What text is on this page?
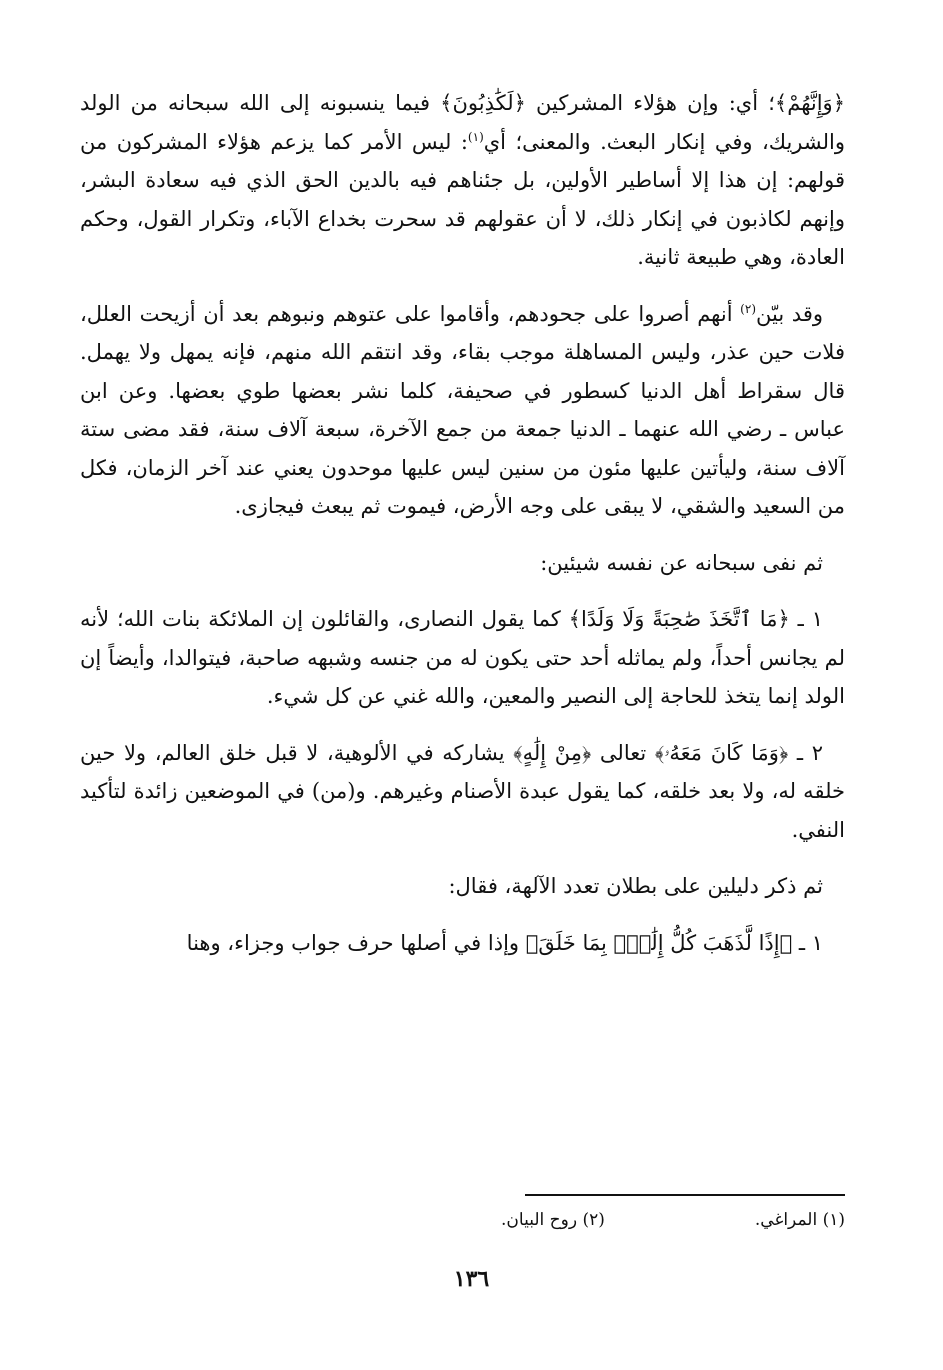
﴿وَإِنَّهُمْ﴾؛ أي: وإن هؤلاء المشركين ﴿لَكَٰذِبُونَ﴾ فيما ينسبونه إلى الله سبحانه من الولد والشريك، وفي إنكار البعث. والمعنى؛ أي$^{(١)}$: ليس الأمر كما يزعم هؤلاء المشركون من قولهم: إن هذا إلا أساطير الأولين، بل جئناهم فيه بالدين الحق الذي فيه سعادة البشر، وإنهم لكاذبون في إنكار ذلك، لا أن عقولهم قد سحرت بخداع الآباء، وتكرار القول، وحكم العادة، وهي طبيعة ثانية.

وقد بيّن$^{(٢)}$ أنهم أصروا على جحودهم، وأقاموا على عتوهم ونبوهم بعد أن أزيحت العلل، فلات حين عذر، وليس المساهلة موجب بقاء، وقد انتقم الله منهم، فإنه يمهل ولا يهمل. قال سقراط أهل الدنيا كسطور في صحيفة، كلما نشر بعضها طوي بعضها. وعن ابن عباس ـ رضي الله عنهما ـ الدنيا جمعة من جمع الآخرة، سبعة آلاف سنة، فقد مضى ستة آلاف سنة، وليأتين عليها مئون من سنين ليس عليها موحدون يعني عند آخر الزمان، فكل من السعيد والشقي، لا يبقى على وجه الأرض، فيموت ثم يبعث فيجازى.

ثم نفى سبحانه عن نفسه شيئين:

١ ـ ﴿مَا ٱتَّخَذَ صَٰحِبَةً وَلَا وَلَدًا﴾ كما يقول النصارى، والقائلون إن الملائكة بنات الله؛ لأنه لم يجانس أحداً، ولم يماثله أحد حتى يكون له من جنسه وشبهه صاحبة، فيتوالدا، وأيضاً إن الولد إنما يتخذ للحاجة إلى النصير والمعين، والله غني عن كل شيء.

٢ ـ ﴿وَمَا كَانَ مَعَهُۥ﴾ تعالى ﴿مِنْ إِلَٰهٍ﴾ يشاركه في الألوهية، لا قبل خلق العالم، ولا حين خلقه له، ولا بعد خلقه، كما يقول عبدة الأصنام وغيرهم. و(من) في الموضعين زائدة لتأكيد النفي.

ثم ذكر دليلين على بطلان تعدد الآلهة، فقال:

١ ـ ﴿إِذًا لَّذَهَبَ كُلُّ إِلَٰهٍۭ بِمَا خَلَقَ﴾ وإذا في أصلها حرف جواب وجزاء، وهنا

(١) المراغي.
(٢) روح البيان.
١٣٦
